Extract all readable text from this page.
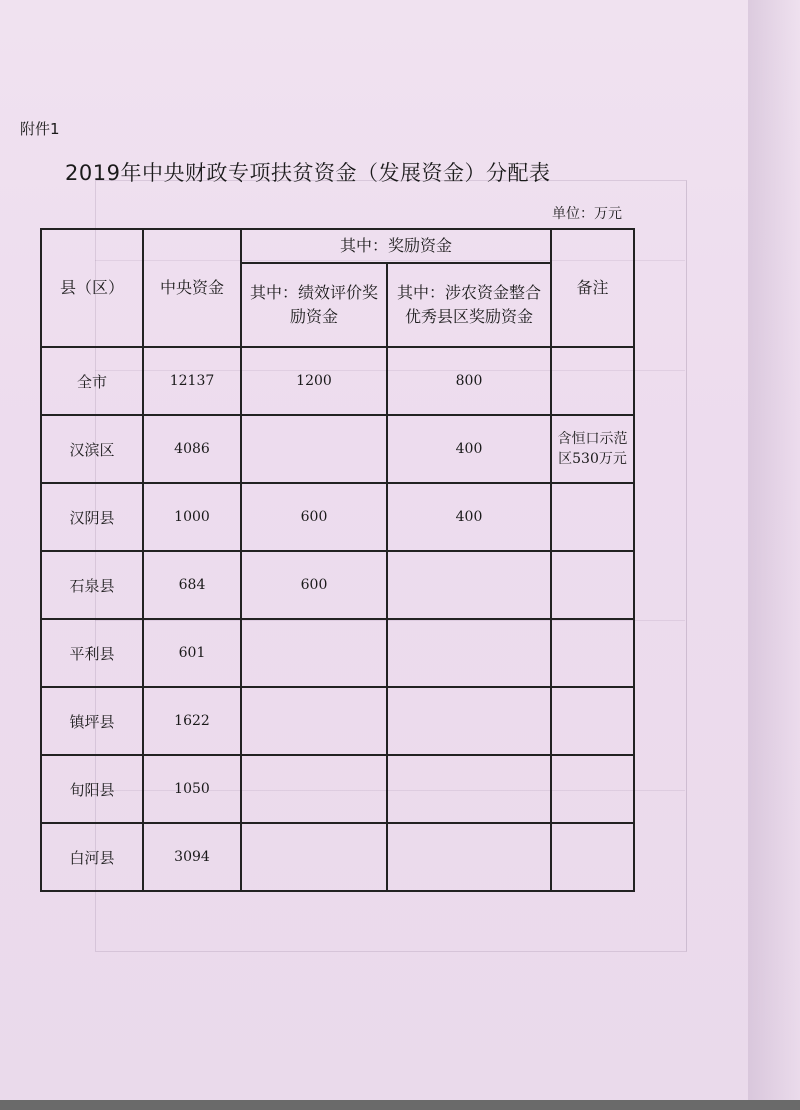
附件1
2019年中央财政专项扶贫资金（发展资金）分配表
单位：万元
县（区）	中央资金	其中：奖励资金		备注
		其中：绩效评价奖励资金	其中：涉农资金整合优秀县区奖励资金	
全市	12137	1200	800	
汉滨区	4086		400	含恒口示范区530万元
汉阴县	1000	600	400	
石泉县	684	600		
平利县	601			
镇坪县	1622			
旬阳县	1050			
白河县	3094			
